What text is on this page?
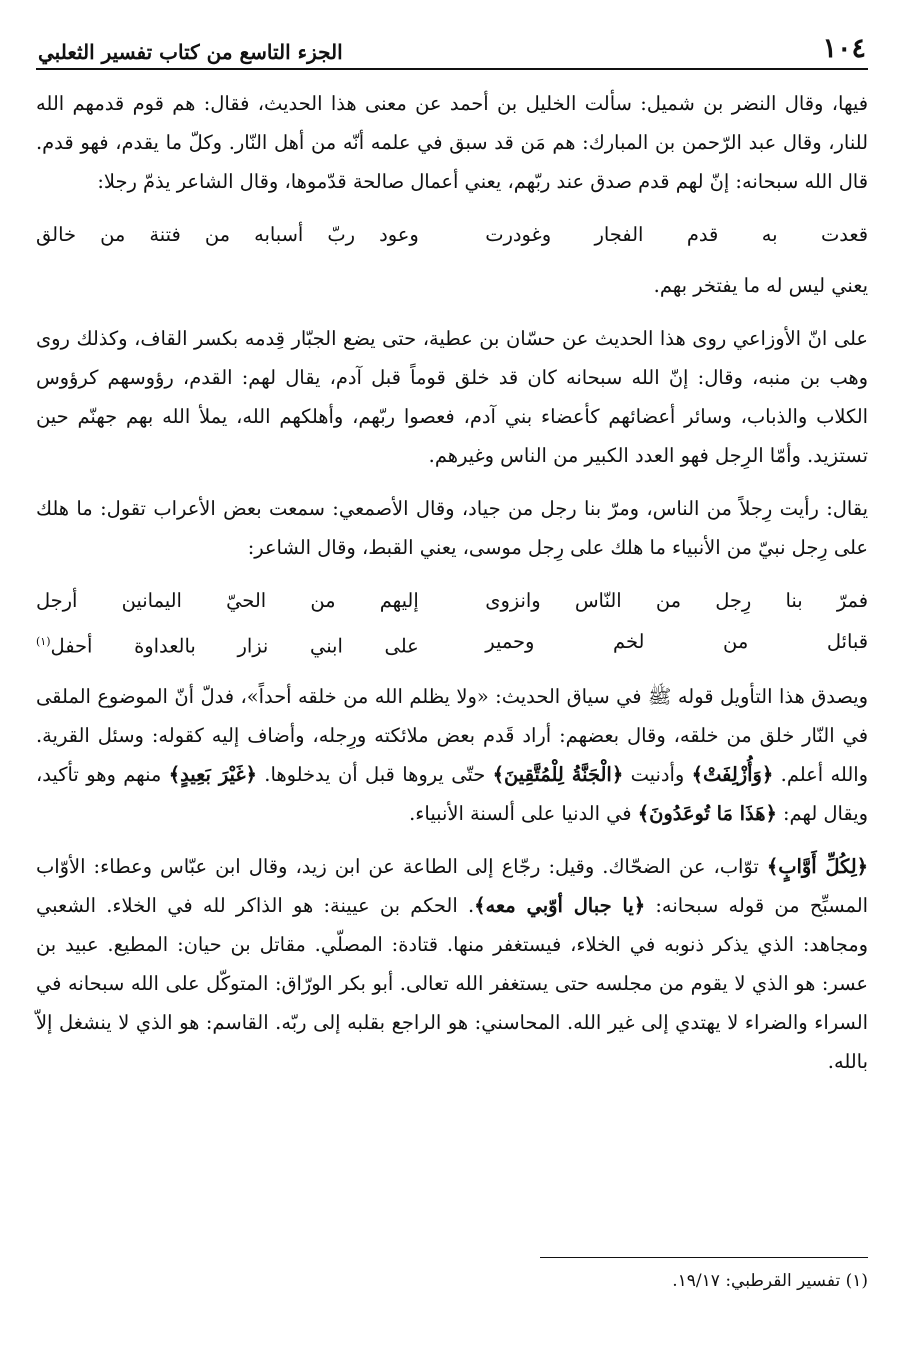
١٠٤
الجزء التاسع من كتاب تفسير الثعلبي

فيها، وقال النضر بن شميل: سألت الخليل بن أحمد عن معنى هذا الحديث، فقال: هم قوم قدمهم الله للنار، وقال عبد الرّحمن بن المبارك: هم مَن قد سبق في علمه أنّه من أهل النّار. وكلّ ما يقدم، فهو قدم. قال الله سبحانه: إنّ لهم قدم صدق عند ربّهم، يعني أعمال صالحة قدّموها، وقال الشاعر يذمّ رجلا:

قعدت به قدم الفجار وغودرت
وعود ربّ أسبابه من فتنة من خالق

يعني ليس له ما يفتخر بهم.

على انّ الأوزاعي روى هذا الحديث عن حسّان بن عطية، حتى يضع الجبّار قِدمه بكسر القاف، وكذلك روى وهب بن منبه، وقال: إنّ الله سبحانه كان قد خلق قوماً قبل آدم، يقال لهم: القدم، رؤوسهم كرؤوس الكلاب والذباب، وسائر أعضائهم كأعضاء بني آدم، فعصوا ربّهم، وأهلكهم الله، يملأ الله بهم جهنّم حين تستزيد. وأمّا الرِجل فهو العدد الكبير من الناس وغيرهم.

يقال: رأيت رِجلاً من الناس، ومرّ بنا رجل من جياد، وقال الأصمعي: سمعت بعض الأعراب تقول: ما هلك على رِجل نبيّ من الأنبياء ما هلك على رِجل موسى، يعني القبط، وقال الشاعر:

فمرّ بنا رِجل من النّاس وانزوى
إليهم من الحيّ اليمانين أرجل
قبائل من لخم وحمير
على ابني نزار بالعداوة أحفل$^{(١)}$

ويصدق هذا التأويل قوله ﷺ في سياق الحديث: «ولا يظلم الله من خلقه أحداً»، فدلّ أنّ الموضوع الملقى في النّار خلق من خلقه، وقال بعضهم: أراد قَدم بعض ملائكته ورِجله، وأضاف إليه كقوله: وسئل القرية. والله أعلم. ﴿وَأُزْلِفَتْ﴾ وأدنيت ﴿الْجَنَّةُ لِلْمُتَّقِينَ﴾ حتّى يروها قبل أن يدخلوها. ﴿غَيْرَ بَعِيدٍ﴾ منهم وهو تأكيد، ويقال لهم: ﴿هَذَا مَا تُوعَدُونَ﴾ في الدنيا على ألسنة الأنبياء.

﴿لِكُلِّ أَوَّابٍ﴾ توّاب، عن الضحّاك. وقيل: رجّاع إلى الطاعة عن ابن زيد، وقال ابن عبّاس وعطاء: الأوّاب المسبِّح من قوله سبحانه: ﴿يا جبال أوّبي معه﴾. الحكم بن عيينة: هو الذاكر لله في الخلاء. الشعبي ومجاهد: الذي يذكر ذنوبه في الخلاء، فيستغفر منها. قتادة: المصلّي. مقاتل بن حيان: المطيع. عبيد بن عسر: هو الذي لا يقوم من مجلسه حتى يستغفر الله تعالى. أبو بكر الورّاق: المتوكّل على الله سبحانه في السراء والضراء لا يهتدي إلى غير الله. المحاسني: هو الراجع بقلبه إلى ربّه. القاسم: هو الذي لا ينشغل إلاّ بالله.

(١) تفسير القرطبي: ١٩/١٧.
